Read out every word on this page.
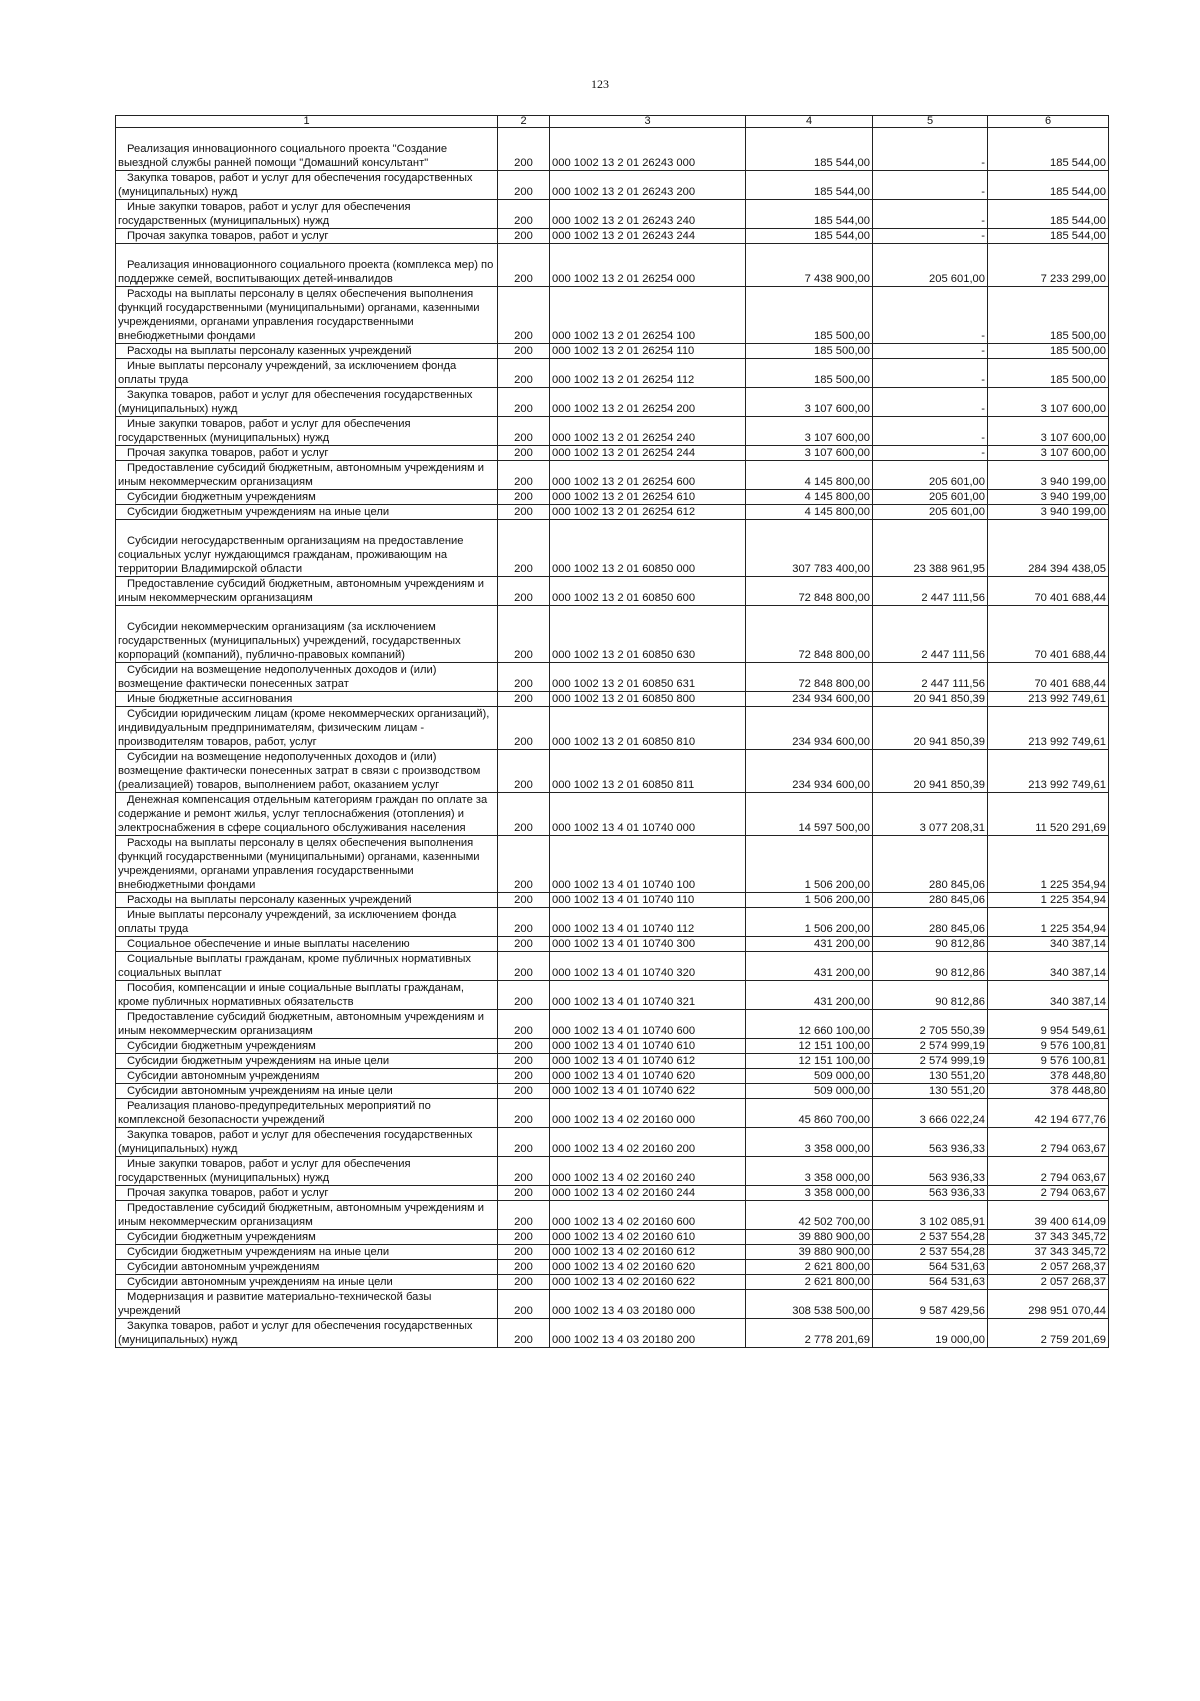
123
1	2	3	4	5	6

Реализация инновационного социального проекта "Создание выездной службы ранней помощи "Домашний консультант"	200	000 1002 13 2 01 26243 000	185 544,00	-	185 544,00

Закупка товаров, работ и услуг для обеспечения государственных (муниципальных) нужд	200	000 1002 13 2 01 26243 200	185 544,00	-	185 544,00

Иные закупки товаров, работ и услуг для обеспечения государственных (муниципальных) нужд	200	000 1002 13 2 01 26243 240	185 544,00	-	185 544,00

Прочая закупка товаров, работ и услуг	200	000 1002 13 2 01 26243 244	185 544,00	-	185 544,00

Реализация инновационного социального проекта (комплекса мер) по поддержке семей, воспитывающих детей-инвалидов	200	000 1002 13 2 01 26254 000	7 438 900,00	205 601,00	7 233 299,00

Расходы на выплаты персоналу в целях обеспечения выполнения функций государственными (муниципальными) органами, казенными учреждениями, органами управления государственными внебюджетными фондами	200	000 1002 13 2 01 26254 100	185 500,00	-	185 500,00

Расходы на выплаты персоналу казенных учреждений	200	000 1002 13 2 01 26254 110	185 500,00	-	185 500,00

Иные выплаты персоналу учреждений, за исключением фонда оплаты труда	200	000 1002 13 2 01 26254 112	185 500,00	-	185 500,00

Закупка товаров, работ и услуг для обеспечения государственных (муниципальных) нужд	200	000 1002 13 2 01 26254 200	3 107 600,00	-	3 107 600,00

Иные закупки товаров, работ и услуг для обеспечения государственных (муниципальных) нужд	200	000 1002 13 2 01 26254 240	3 107 600,00	-	3 107 600,00

Прочая закупка товаров, работ и услуг	200	000 1002 13 2 01 26254 244	3 107 600,00	-	3 107 600,00

Предоставление субсидий бюджетным, автономным учреждениям и иным некоммерческим организациям	200	000 1002 13 2 01 26254 600	4 145 800,00	205 601,00	3 940 199,00

Субсидии бюджетным учреждениям	200	000 1002 13 2 01 26254 610	4 145 800,00	205 601,00	3 940 199,00

Субсидии бюджетным учреждениям на иные цели	200	000 1002 13 2 01 26254 612	4 145 800,00	205 601,00	3 940 199,00

Субсидии негосударственным организациям на предоставление социальных услуг нуждающимся гражданам, проживающим на территории Владимирской области	200	000 1002 13 2 01 60850 000	307 783 400,00	23 388 961,95	284 394 438,05

Предоставление субсидий бюджетным, автономным учреждениям и иным некоммерческим организациям	200	000 1002 13 2 01 60850 600	72 848 800,00	2 447 111,56	70 401 688,44

Субсидии некоммерческим организациям (за исключением государственных (муниципальных) учреждений, государственных корпораций (компаний), публично-правовых компаний)	200	000 1002 13 2 01 60850 630	72 848 800,00	2 447 111,56	70 401 688,44

Субсидии на возмещение недополученных доходов и (или) возмещение фактически понесенных затрат	200	000 1002 13 2 01 60850 631	72 848 800,00	2 447 111,56	70 401 688,44

Иные бюджетные ассигнования	200	000 1002 13 2 01 60850 800	234 934 600,00	20 941 850,39	213 992 749,61

Субсидии юридическим лицам (кроме некоммерческих организаций), индивидуальным предпринимателям, физическим лицам - производителям товаров, работ, услуг	200	000 1002 13 2 01 60850 810	234 934 600,00	20 941 850,39	213 992 749,61

Субсидии на возмещение недополученных доходов и (или) возмещение фактически понесенных затрат в связи с производством (реализацией) товаров, выполнением работ, оказанием услуг	200	000 1002 13 2 01 60850 811	234 934 600,00	20 941 850,39	213 992 749,61

Денежная компенсация отдельным категориям граждан по оплате за содержание и ремонт жилья, услуг теплоснабжения (отопления) и электроснабжения в сфере социального обслуживания населения	200	000 1002 13 4 01 10740 000	14 597 500,00	3 077 208,31	11 520 291,69

Расходы на выплаты персоналу в целях обеспечения выполнения функций государственными (муниципальными) органами, казенными учреждениями, органами управления государственными внебюджетными фондами	200	000 1002 13 4 01 10740 100	1 506 200,00	280 845,06	1 225 354,94

Расходы на выплаты персоналу казенных учреждений	200	000 1002 13 4 01 10740 110	1 506 200,00	280 845,06	1 225 354,94

Иные выплаты персоналу учреждений, за исключением фонда оплаты труда	200	000 1002 13 4 01 10740 112	1 506 200,00	280 845,06	1 225 354,94

Социальное обеспечение и иные выплаты населению	200	000 1002 13 4 01 10740 300	431 200,00	90 812,86	340 387,14

Социальные выплаты гражданам, кроме публичных нормативных социальных выплат	200	000 1002 13 4 01 10740 320	431 200,00	90 812,86	340 387,14

Пособия, компенсации и иные социальные выплаты гражданам, кроме публичных нормативных обязательств	200	000 1002 13 4 01 10740 321	431 200,00	90 812,86	340 387,14

Предоставление субсидий бюджетным, автономным учреждениям и иным некоммерческим организациям	200	000 1002 13 4 01 10740 600	12 660 100,00	2 705 550,39	9 954 549,61

Субсидии бюджетным учреждениям	200	000 1002 13 4 01 10740 610	12 151 100,00	2 574 999,19	9 576 100,81

Субсидии бюджетным учреждениям на иные цели	200	000 1002 13 4 01 10740 612	12 151 100,00	2 574 999,19	9 576 100,81

Субсидии автономным учреждениям	200	000 1002 13 4 01 10740 620	509 000,00	130 551,20	378 448,80

Субсидии автономным учреждениям на иные цели	200	000 1002 13 4 01 10740 622	509 000,00	130 551,20	378 448,80

Реализация планово-предупредительных мероприятий по комплексной безопасности учреждений	200	000 1002 13 4 02 20160 000	45 860 700,00	3 666 022,24	42 194 677,76

Закупка товаров, работ и услуг для обеспечения государственных (муниципальных) нужд	200	000 1002 13 4 02 20160 200	3 358 000,00	563 936,33	2 794 063,67

Иные закупки товаров, работ и услуг для обеспечения государственных (муниципальных) нужд	200	000 1002 13 4 02 20160 240	3 358 000,00	563 936,33	2 794 063,67

Прочая закупка товаров, работ и услуг	200	000 1002 13 4 02 20160 244	3 358 000,00	563 936,33	2 794 063,67

Предоставление субсидий бюджетным, автономным учреждениям и иным некоммерческим организациям	200	000 1002 13 4 02 20160 600	42 502 700,00	3 102 085,91	39 400 614,09

Субсидии бюджетным учреждениям	200	000 1002 13 4 02 20160 610	39 880 900,00	2 537 554,28	37 343 345,72

Субсидии бюджетным учреждениям на иные цели	200	000 1002 13 4 02 20160 612	39 880 900,00	2 537 554,28	37 343 345,72

Субсидии автономным учреждениям	200	000 1002 13 4 02 20160 620	2 621 800,00	564 531,63	2 057 268,37

Субсидии автономным учреждениям на иные цели	200	000 1002 13 4 02 20160 622	2 621 800,00	564 531,63	2 057 268,37

Модернизация и развитие материально-технической базы учреждений	200	000 1002 13 4 03 20180 000	308 538 500,00	9 587 429,56	298 951 070,44

Закупка товаров, работ и услуг для обеспечения государственных (муниципальных) нужд	200	000 1002 13 4 03 20180 200	2 778 201,69	19 000,00	2 759 201,69
